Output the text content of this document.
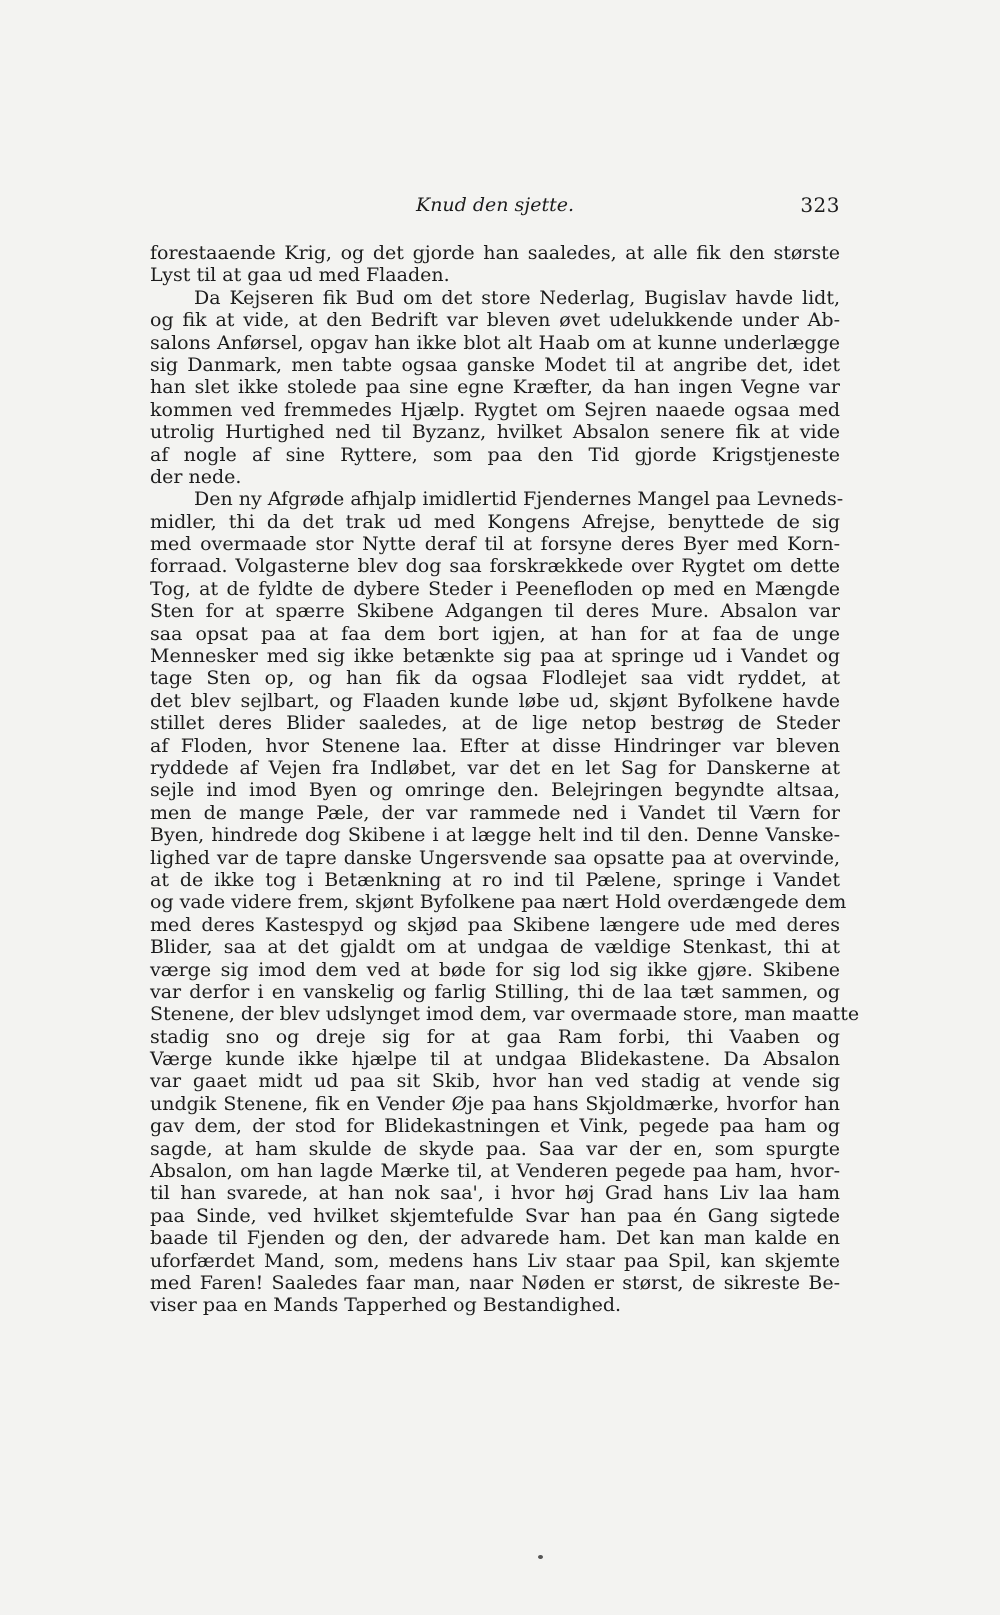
Knud den sjette.	323
forestaaende Krig, og det gjorde han saaledes, at alle fik den største
Lyst til at gaa ud med Flaaden.
Da Kejseren fik Bud om det store Nederlag, Bugislav havde lidt,
og fik at vide, at den Bedrift var bleven øvet udelukkende under Ab-
salons Anførsel, opgav han ikke blot alt Haab om at kunne underlægge
sig Danmark, men tabte ogsaa ganske Modet til at angribe det, idet
han slet ikke stolede paa sine egne Kræfter, da han ingen Vegne var
kommen ved fremmedes Hjælp. Rygtet om Sejren naaede ogsaa med
utrolig Hurtighed ned til Byzanz, hvilket Absalon senere fik at vide
af nogle af sine Ryttere, som paa den Tid gjorde Krigstjeneste
der nede.
Den ny Afgrøde afhjalp imidlertid Fjendernes Mangel paa Levneds-
midler, thi da det trak ud med Kongens Afrejse, benyttede de sig
med overmaade stor Nytte deraf til at forsyne deres Byer med Korn-
forraad. Volgasterne blev dog saa forskrækkede over Rygtet om dette
Tog, at de fyldte de dybere Steder i Peenefloden op med en Mængde
Sten for at spærre Skibene Adgangen til deres Mure. Absalon var
saa opsat paa at faa dem bort igjen, at han for at faa de unge
Mennesker med sig ikke betænkte sig paa at springe ud i Vandet og
tage Sten op, og han fik da ogsaa Flodlejet saa vidt ryddet, at
det blev sejlbart, og Flaaden kunde løbe ud, skjønt Byfolkene havde
stillet deres Blider saaledes, at de lige netop bestrøg de Steder
af Floden, hvor Stenene laa. Efter at disse Hindringer var bleven
ryddede af Vejen fra Indløbet, var det en let Sag for Danskerne at
sejle ind imod Byen og omringe den. Belejringen begyndte altsaa,
men de mange Pæle, der var rammede ned i Vandet til Værn for
Byen, hindrede dog Skibene i at lægge helt ind til den. Denne Vanske-
lighed var de tapre danske Ungersvende saa opsatte paa at overvinde,
at de ikke tog i Betænkning at ro ind til Pælene, springe i Vandet
og vade videre frem, skjønt Byfolkene paa nært Hold overdængede dem
med deres Kastespyd og skjød paa Skibene længere ude med deres
Blider, saa at det gjaldt om at undgaa de vældige Stenkast, thi at
værge sig imod dem ved at bøde for sig lod sig ikke gjøre. Skibene
var derfor i en vanskelig og farlig Stilling, thi de laa tæt sammen, og
Stenene, der blev udslynget imod dem, var overmaade store, man maatte
stadig sno og dreje sig for at gaa Ram forbi, thi Vaaben og
Værge kunde ikke hjælpe til at undgaa Blidekastene. Da Absalon
var gaaet midt ud paa sit Skib, hvor han ved stadig at vende sig
undgik Stenene, fik en Vender Øje paa hans Skjoldmærke, hvorfor han
gav dem, der stod for Blidekastningen et Vink, pegede paa ham og
sagde, at ham skulde de skyde paa. Saa var der en, som spurgte
Absalon, om han lagde Mærke til, at Venderen pegede paa ham, hvor-
til han svarede, at han nok saa', i hvor høj Grad hans Liv laa ham
paa Sinde, ved hvilket skjemtefulde Svar han paa én Gang sigtede
baade til Fjenden og den, der advarede ham. Det kan man kalde en
uforfærdet Mand, som, medens hans Liv staar paa Spil, kan skjemte
med Faren! Saaledes faar man, naar Nøden er størst, de sikreste Be-
viser paa en Mands Tapperhed og Bestandighed.
